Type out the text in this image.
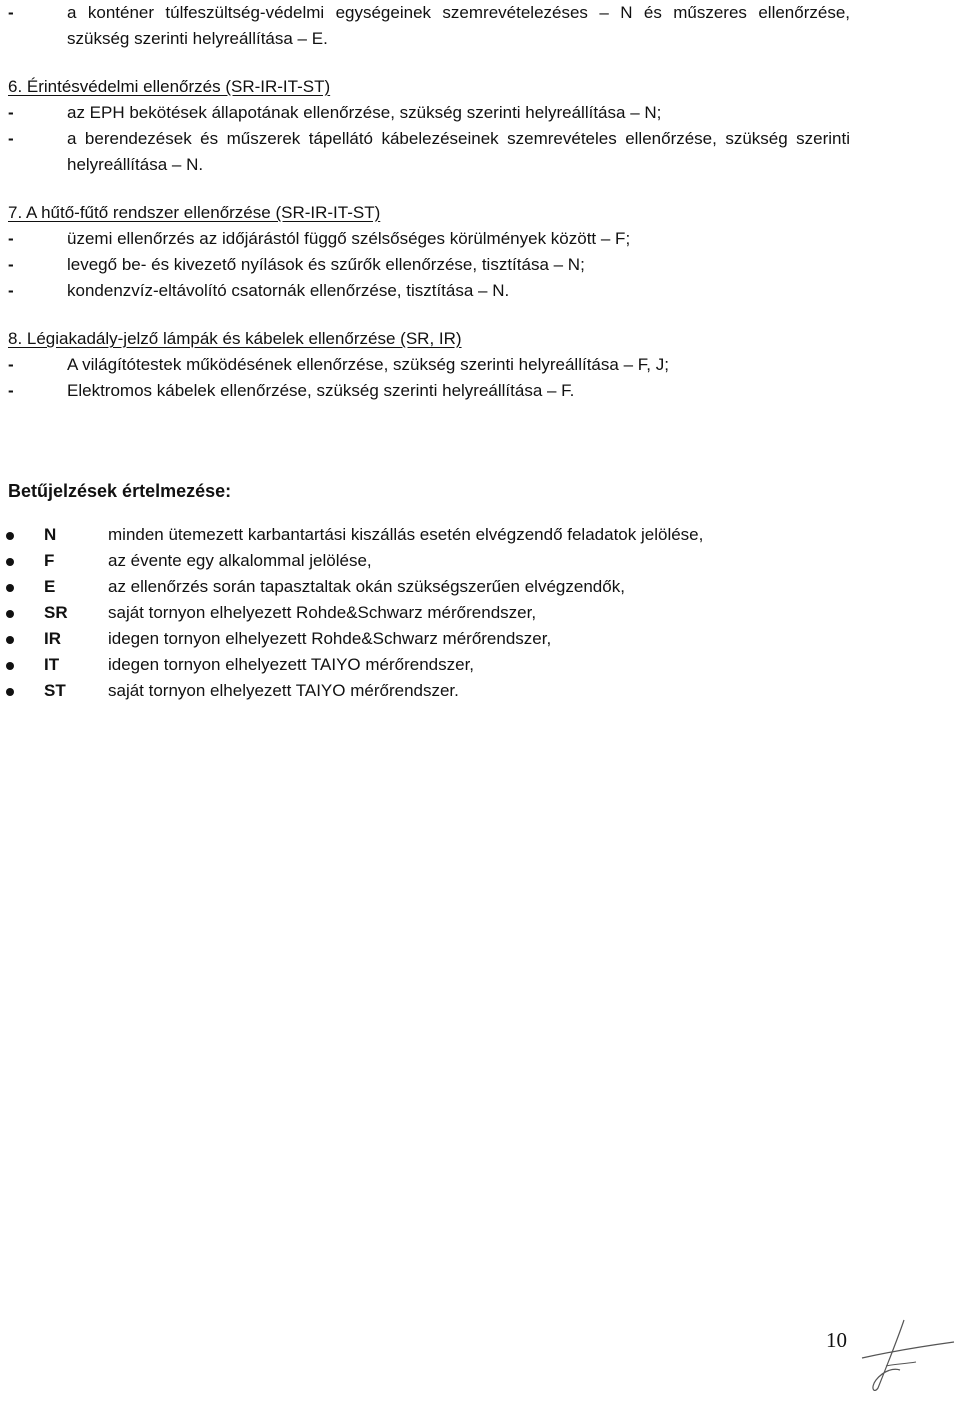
-	a konténer túlfeszültség-védelmi egységeinek szemrevételezéses – N és műszeres ellenőrzése, szükség szerinti helyreállítása – E.
6. Érintésvédelmi ellenőrzés (SR-IR-IT-ST)
-	az EPH bekötések állapotának ellenőrzése, szükség szerinti helyreállítása – N;
-	a berendezések és műszerek tápellátó kábelezéseinek szemrevételes ellenőrzése, szükség szerinti helyreállítása – N.
7. A hűtő-fűtő rendszer ellenőrzése (SR-IR-IT-ST)
-	üzemi ellenőrzés az időjárástól függő szélsőséges körülmények között – F;
-	levegő be- és kivezető nyílások és szűrők ellenőrzése, tisztítása – N;
-	kondenzvíz-eltávolító csatornák ellenőrzése, tisztítása – N.
8. Légiakadály-jelző lámpák és kábelek ellenőrzése (SR, IR)
-	A világítótestek működésének ellenőrzése, szükség szerinti helyreállítása – F, J;
-	Elektromos kábelek ellenőrzése, szükség szerinti helyreállítása – F.
Betűjelzések értelmezése:
N	minden ütemezett karbantartási kiszállás esetén elvégzendő feladatok jelölése,
F	az évente egy alkalommal jelölése,
E	az ellenőrzés során tapasztaltak okán szükségszerűen elvégzendők,
SR saját tornyon elhelyezett Rohde&Schwarz mérőrendszer,
IR	idegen tornyon elhelyezett Rohde&Schwarz mérőrendszer,
IT	idegen tornyon elhelyezett TAIYO mérőrendszer,
ST saját tornyon elhelyezett TAIYO mérőrendszer.
10
